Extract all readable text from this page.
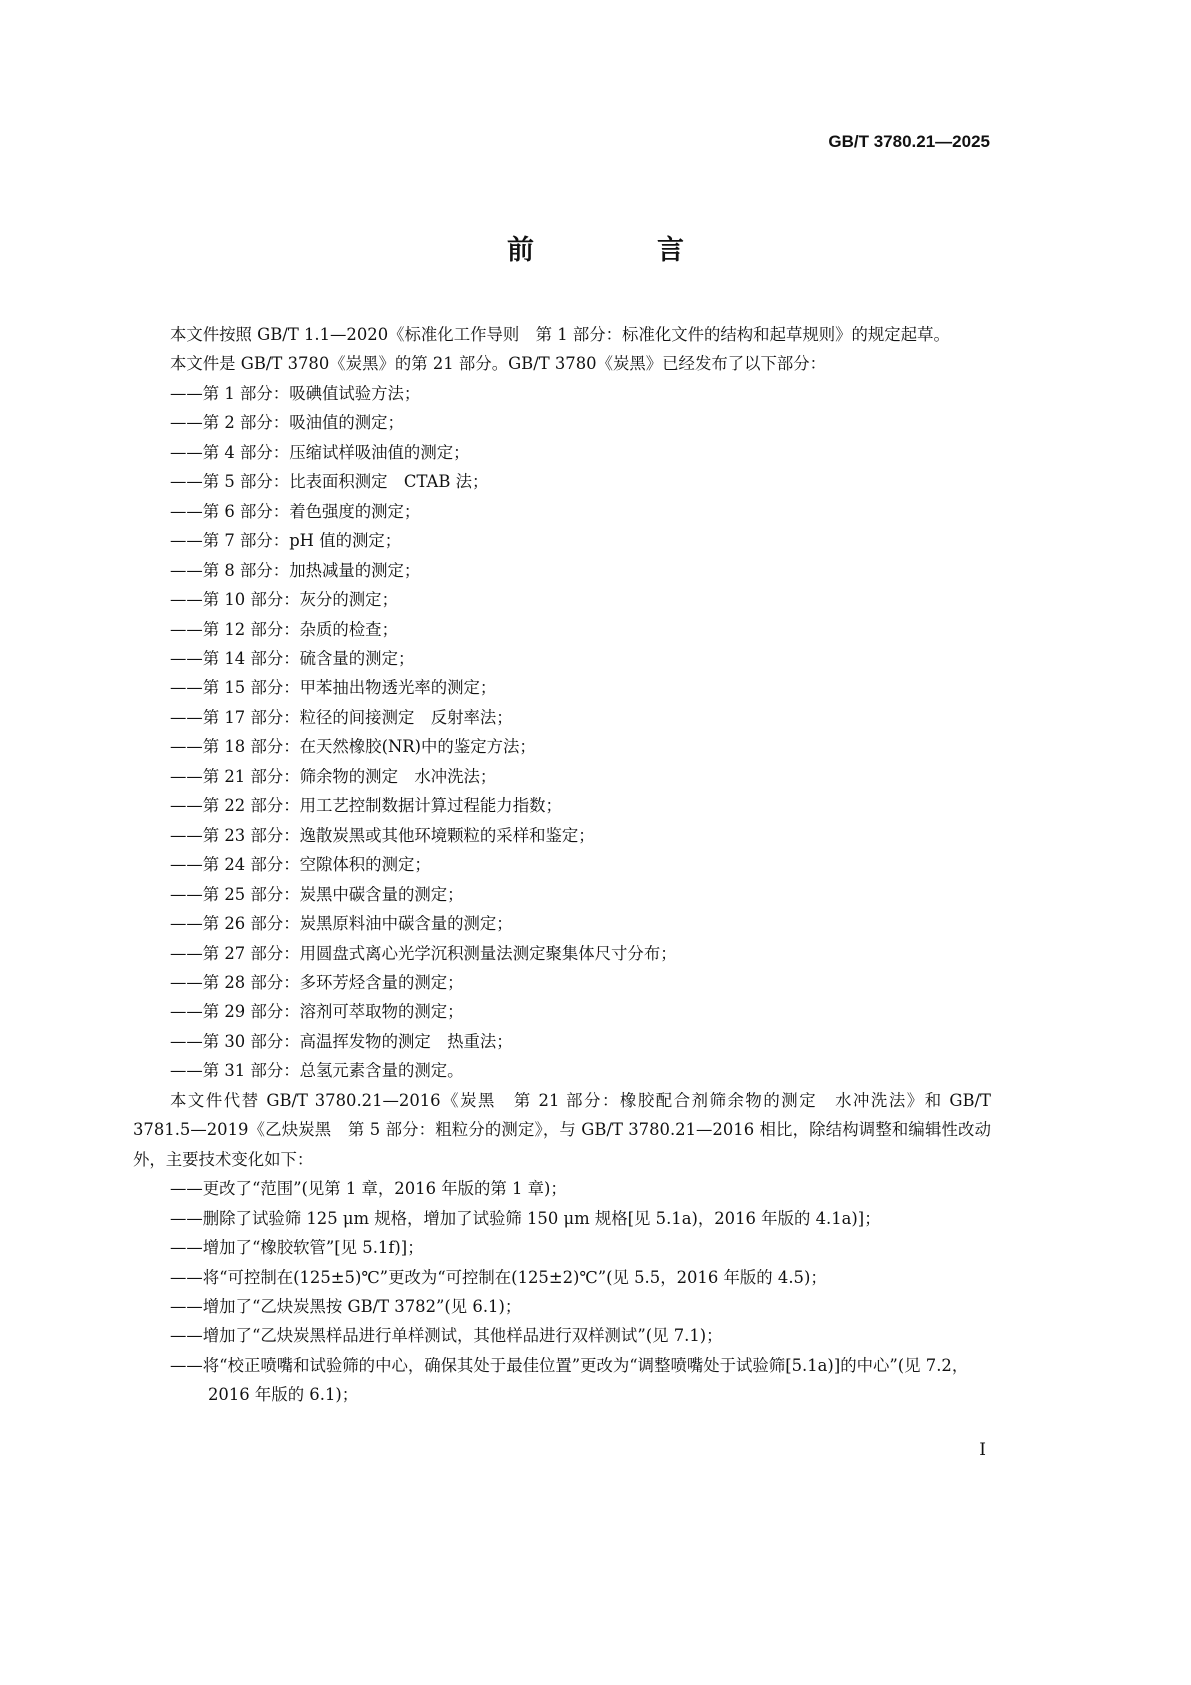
GB/T 3780.21—2025
前　言

本文件按照 GB/T 1.1—2020《标准化工作导则　第 1 部分：标准化文件的结构和起草规则》的规定起草。

本文件是 GB/T 3780《炭黑》的第 21 部分。GB/T 3780《炭黑》已经发布了以下部分：

——第 1 部分：吸碘值试验方法；

——第 2 部分：吸油值的测定；

——第 4 部分：压缩试样吸油值的测定；

——第 5 部分：比表面积测定　CTAB 法；

——第 6 部分：着色强度的测定；

——第 7 部分：pH 值的测定；

——第 8 部分：加热减量的测定；

——第 10 部分：灰分的测定；

——第 12 部分：杂质的检查；

——第 14 部分：硫含量的测定；

——第 15 部分：甲苯抽出物透光率的测定；

——第 17 部分：粒径的间接测定　反射率法；

——第 18 部分：在天然橡胶(NR)中的鉴定方法；

——第 21 部分：筛余物的测定　水冲洗法；

——第 22 部分：用工艺控制数据计算过程能力指数；

——第 23 部分：逸散炭黑或其他环境颗粒的采样和鉴定；

——第 24 部分：空隙体积的测定；

——第 25 部分：炭黑中碳含量的测定；

——第 26 部分：炭黑原料油中碳含量的测定；

——第 27 部分：用圆盘式离心光学沉积测量法测定聚集体尺寸分布；

——第 28 部分：多环芳烃含量的测定；

——第 29 部分：溶剂可萃取物的测定；

——第 30 部分：高温挥发物的测定　热重法；

——第 31 部分：总氢元素含量的测定。

本文件代替 GB/T 3780.21—2016《炭黑　第 21 部分：橡胶配合剂筛余物的测定　水冲洗法》和 GB/T 3781.5—2019《乙炔炭黑　第 5 部分：粗粒分的测定》，与 GB/T 3780.21—2016 相比，除结构调整和编辑性改动外，主要技术变化如下：

——更改了“范围”(见第 1 章，2016 年版的第 1 章)；

——删除了试验筛 125 μm 规格，增加了试验筛 150 μm 规格[见 5.1a)，2016 年版的 4.1a)]；

——增加了“橡胶软管”[见 5.1f)]；

——将“可控制在(125±5)℃”更改为“可控制在(125±2)℃”(见 5.5，2016 年版的 4.5)；

——增加了“乙炔炭黑按 GB/T 3782”(见 6.1)；

——增加了“乙炔炭黑样品进行单样测试，其他样品进行双样测试”(见 7.1)；

——将“校正喷嘴和试验筛的中心，确保其处于最佳位置”更改为“调整喷嘴处于试验筛[5.1a)]的中心”(见 7.2，2016 年版的 6.1)；

I
